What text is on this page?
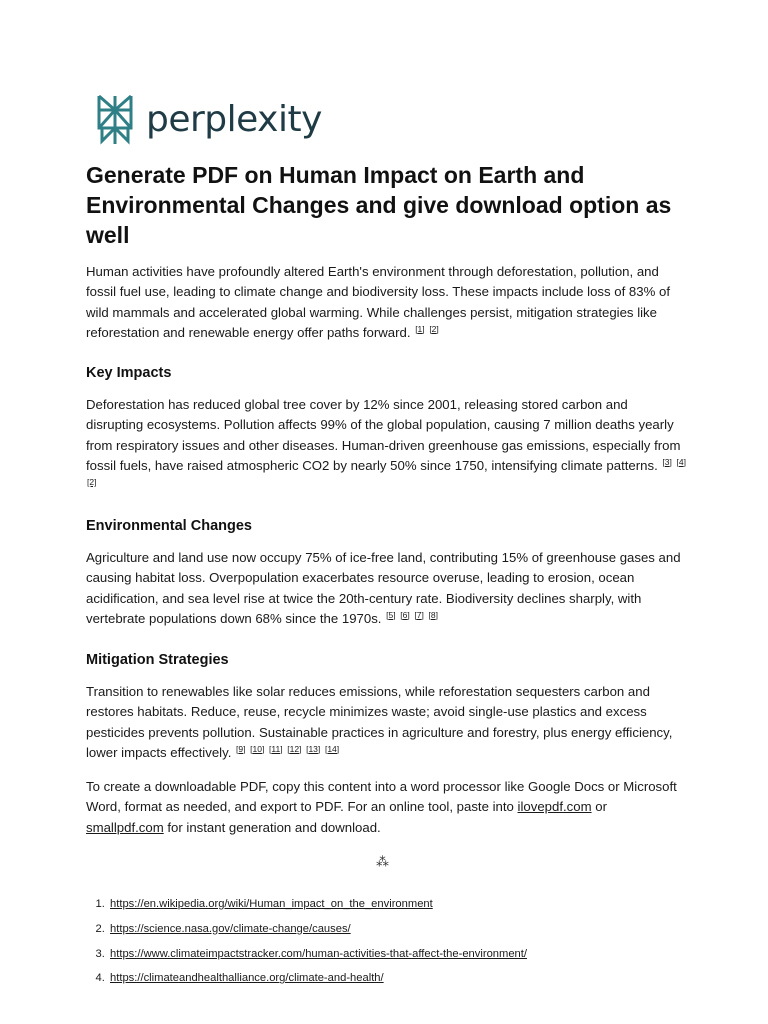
perplexity
Generate PDF on Human Impact on Earth and Environmental Changes and give download option as well

Human activities have profoundly altered Earth's environment through deforestation, pollution, and fossil fuel use, leading to climate change and biodiversity loss. These impacts include loss of 83% of wild mammals and accelerated global warming. While challenges persist, mitigation strategies like reforestation and renewable energy offer paths forward. [1] [2]

Key Impacts

Deforestation has reduced global tree cover by 12% since 2001, releasing stored carbon and disrupting ecosystems. Pollution affects 99% of the global population, causing 7 million deaths yearly from respiratory issues and other diseases. Human-driven greenhouse gas emissions, especially from fossil fuels, have raised atmospheric CO2 by nearly 50% since 1750, intensifying climate patterns. [3] [4] [2]

Environmental Changes

Agriculture and land use now occupy 75% of ice-free land, contributing 15% of greenhouse gases and causing habitat loss. Overpopulation exacerbates resource overuse, leading to erosion, ocean acidification, and sea level rise at twice the 20th-century rate. Biodiversity declines sharply, with vertebrate populations down 68% since the 1970s. [5] [6] [7] [8]

Mitigation Strategies

Transition to renewables like solar reduces emissions, while reforestation sequesters carbon and restores habitats. Reduce, reuse, recycle minimizes waste; avoid single-use plastics and excess pesticides prevents pollution. Sustainable practices in agriculture and forestry, plus energy efficiency, lower impacts effectively. [9] [10] [11] [12] [13] [14]

To create a downloadable PDF, copy this content into a word processor like Google Docs or Microsoft Word, format as needed, and export to PDF. For an online tool, paste into ilovepdf.com or smallpdf.com for instant generation and download.

⁂
1. https://en.wikipedia.org/wiki/Human_impact_on_the_environment
2. https://science.nasa.gov/climate-change/causes/
3. https://www.climateimpactstracker.com/human-activities-that-affect-the-environment/
4. https://climateandhealthalliance.org/climate-and-health/
